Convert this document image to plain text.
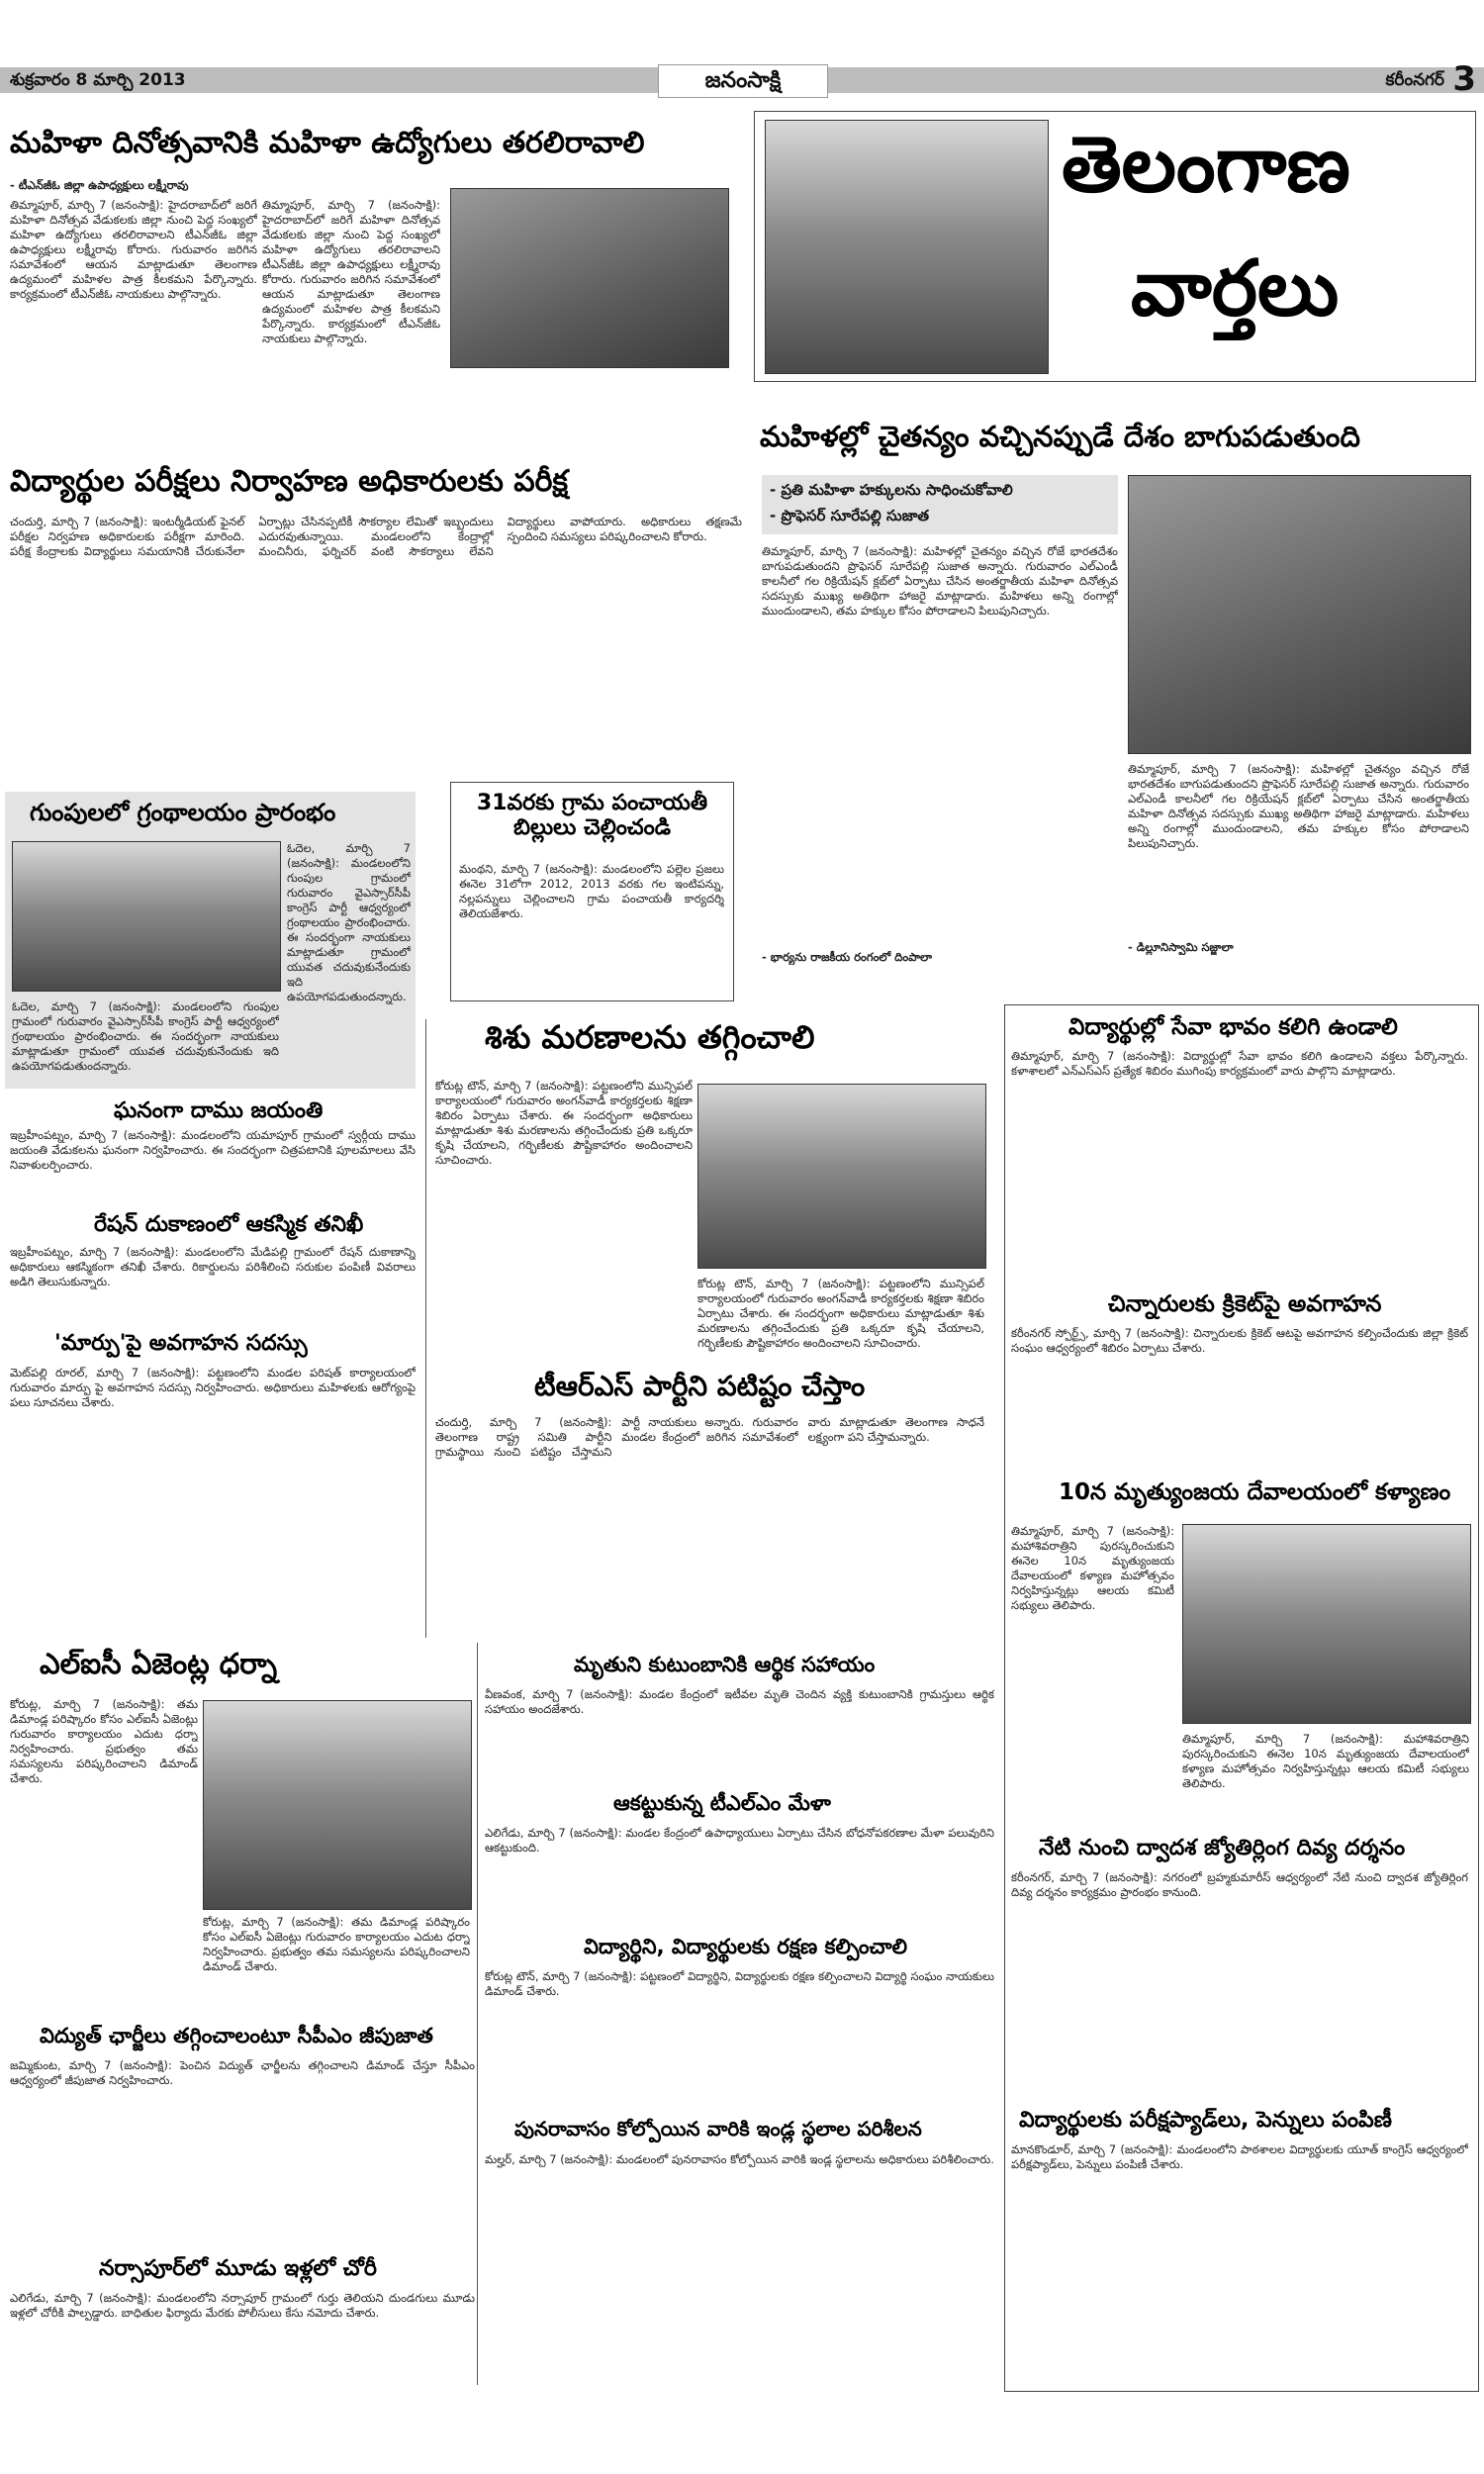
శుక్రవారం 8 మార్చి 2013	కరీంనగర్
జనంసాక్షి	3
మహిళా దినోత్సవానికి మహిళా ఉద్యోగులు తరలిరావాలి
- టీఎన్‌జీఓ జిల్లా ఉపాధ్యక్షులు లక్ష్మీరావు
తిమ్మాపూర్, మార్చి 7 (జనంసాక్షి): హైదరాబాద్‌లో జరిగే మహిళా దినోత్సవ వేడుకలకు జిల్లా నుంచి పెద్ద సంఖ్యలో మహిళా ఉద్యోగులు తరలిరావాలని టీఎన్‌జీఓ జిల్లా ఉపాధ్యక్షులు లక్ష్మీరావు కోరారు. గురువారం జరిగిన సమావేశంలో ఆయన మాట్లాడుతూ తెలంగాణ ఉద్యమంలో మహిళల పాత్ర కీలకమని పేర్కొన్నారు. కార్యక్రమంలో టీఎన్‌జీఓ నాయకులు పాల్గొన్నారు.
తిమ్మాపూర్, మార్చి 7 (జనంసాక్షి): హైదరాబాద్‌లో జరిగే మహిళా దినోత్సవ వేడుకలకు జిల్లా నుంచి పెద్ద సంఖ్యలో మహిళా ఉద్యోగులు తరలిరావాలని టీఎన్‌జీఓ జిల్లా ఉపాధ్యక్షులు లక్ష్మీరావు కోరారు. గురువారం జరిగిన సమావేశంలో ఆయన మాట్లాడుతూ తెలంగాణ ఉద్యమంలో మహిళల పాత్ర కీలకమని పేర్కొన్నారు. కార్యక్రమంలో టీఎన్‌జీఓ నాయకులు పాల్గొన్నారు.
తెలంగాణ
వార్తలు
విద్యార్థుల పరీక్షలు నిర్వాహణ అధికారులకు పరీక్ష
చందుర్తి, మార్చి 7 (జనంసాక్షి): ఇంటర్మీడియట్ ఫైనల్ పరీక్షల నిర్వహణ అధికారులకు పరీక్షగా మారింది. పరీక్ష కేంద్రాలకు విద్యార్థులు సమయానికి చేరుకునేలా ఏర్పాట్లు చేసినప్పటికీ సౌకర్యాల లేమితో ఇబ్బందులు ఎదురవుతున్నాయి. మండలంలోని కేంద్రాల్లో మంచినీరు, ఫర్నిచర్ వంటి సౌకర్యాలు లేవని విద్యార్థులు వాపోయారు. అధికారులు తక్షణమే స్పందించి సమస్యలు పరిష్కరించాలని కోరారు.
మహిళల్లో చైతన్యం వచ్చినప్పుడే దేశం బాగుపడుతుంది
- ప్రతి మహిళా హక్కులను సాధించుకోవాలి
- ప్రొఫెసర్ సూరేపల్లి సుజాత
తిమ్మాపూర్, మార్చి 7 (జనంసాక్షి): మహిళల్లో చైతన్యం వచ్చిన రోజే భారతదేశం బాగుపడుతుందని ప్రొఫెసర్ సూరేపల్లి సుజాత అన్నారు. గురువారం ఎల్‌ఎండీ కాలనీలో గల రిక్రియేషన్ క్లబ్‌లో ఏర్పాటు చేసిన అంతర్జాతీయ మహిళా దినోత్సవ సదస్సుకు ముఖ్య అతిథిగా హాజరై మాట్లాడారు. మహిళలు అన్ని రంగాల్లో ముందుండాలని, తమ హక్కుల కోసం పోరాడాలని పిలుపునిచ్చారు.
తిమ్మాపూర్, మార్చి 7 (జనంసాక్షి): మహిళల్లో చైతన్యం వచ్చిన రోజే భారతదేశం బాగుపడుతుందని ప్రొఫెసర్ సూరేపల్లి సుజాత అన్నారు. గురువారం ఎల్‌ఎండీ కాలనీలో గల రిక్రియేషన్ క్లబ్‌లో ఏర్పాటు చేసిన అంతర్జాతీయ మహిళా దినోత్సవ సదస్సుకు ముఖ్య అతిథిగా హాజరై మాట్లాడారు. మహిళలు అన్ని రంగాల్లో ముందుండాలని, తమ హక్కుల కోసం పోరాడాలని పిలుపునిచ్చారు.
- భార్యను రాజకీయ రంగంలో దింపాలా
- డిల్లూనిస్వామి సజ్జాలా
గుంపులలో గ్రంథాలయం ప్రారంభం
ఓదెల, మార్చి 7 (జనంసాక్షి): మండలంలోని గుంపుల గ్రామంలో గురువారం వైఎస్సార్‌సీపీ కాంగ్రెస్ పార్టీ ఆధ్వర్యంలో గ్రంథాలయం ప్రారంభించారు. ఈ సందర్భంగా నాయకులు మాట్లాడుతూ గ్రామంలో యువత చదువుకునేందుకు ఇది ఉపయోగపడుతుందన్నారు.
ఓదెల, మార్చి 7 (జనంసాక్షి): మండలంలోని గుంపుల గ్రామంలో గురువారం వైఎస్సార్‌సీపీ కాంగ్రెస్ పార్టీ ఆధ్వర్యంలో గ్రంథాలయం ప్రారంభించారు. ఈ సందర్భంగా నాయకులు మాట్లాడుతూ గ్రామంలో యువత చదువుకునేందుకు ఇది ఉపయోగపడుతుందన్నారు.
31వరకు గ్రామ పంచాయతీ బిల్లులు చెల్లించండి
మంథని, మార్చి 7 (జనంసాక్షి): మండలంలోని పల్లెల ప్రజలు ఈనెల 31లోగా 2012, 2013 వరకు గల ఇంటిపన్ను, నల్లపన్నులు చెల్లించాలని గ్రామ పంచాయతీ కార్యదర్శి తెలియజేశారు.
శిశు మరణాలను తగ్గించాలి
కోరుట్ల టౌన్, మార్చి 7 (జనంసాక్షి): పట్టణంలోని మున్సిపల్ కార్యాలయంలో గురువారం అంగన్‌వాడీ కార్యకర్తలకు శిక్షణా శిబిరం ఏర్పాటు చేశారు. ఈ సందర్భంగా అధికారులు మాట్లాడుతూ శిశు మరణాలను తగ్గించేందుకు ప్రతి ఒక్కరూ కృషి చేయాలని, గర్భిణీలకు పౌష్టికాహారం అందించాలని సూచించారు.
కోరుట్ల టౌన్, మార్చి 7 (జనంసాక్షి): పట్టణంలోని మున్సిపల్ కార్యాలయంలో గురువారం అంగన్‌వాడీ కార్యకర్తలకు శిక్షణా శిబిరం ఏర్పాటు చేశారు. ఈ సందర్భంగా అధికారులు మాట్లాడుతూ శిశు మరణాలను తగ్గించేందుకు ప్రతి ఒక్కరూ కృషి చేయాలని, గర్భిణీలకు పౌష్టికాహారం అందించాలని సూచించారు.
ఘనంగా దాము జయంతి
ఇబ్రహీంపట్నం, మార్చి 7 (జనంసాక్షి): మండలంలోని యమాపూర్ గ్రామంలో స్వర్గీయ దాము జయంతి వేడుకలను ఘనంగా నిర్వహించారు. ఈ సందర్భంగా చిత్రపటానికి పూలమాలలు వేసి నివాళులర్పించారు.
రేషన్ దుకాణంలో ఆకస్మిక తనిఖీ
ఇబ్రహీంపట్నం, మార్చి 7 (జనంసాక్షి): మండలంలోని మేడిపల్లి గ్రామంలో రేషన్ దుకాణాన్ని అధికారులు ఆకస్మికంగా తనిఖీ చేశారు. రికార్డులను పరిశీలించి సరుకుల పంపిణీ వివరాలు అడిగి తెలుసుకున్నారు.
'మార్పు'పై అవగాహన సదస్సు
మెట్‌పల్లి రూరల్, మార్చి 7 (జనంసాక్షి): పట్టణంలోని మండల పరిషత్ కార్యాలయంలో గురువారం మార్పు పై అవగాహన సదస్సు నిర్వహించారు. అధికారులు మహిళలకు ఆరోగ్యంపై పలు సూచనలు చేశారు.	టీఆర్ఎస్ పార్టీని పటిష్టం చేస్తాం
చందుర్తి, మార్చి 7 (జనంసాక్షి): తెలంగాణ రాష్ట్ర సమితి పార్టీని గ్రామస్థాయి నుంచి పటిష్టం చేస్తామని పార్టీ నాయకులు అన్నారు. గురువారం మండల కేంద్రంలో జరిగిన సమావేశంలో వారు మాట్లాడుతూ తెలంగాణ సాధనే లక్ష్యంగా పని చేస్తామన్నారు.
విద్యార్థుల్లో సేవా భావం కలిగి ఉండాలి
తిమ్మాపూర్, మార్చి 7 (జనంసాక్షి): విద్యార్థుల్లో సేవా భావం కలిగి ఉండాలని వక్తలు పేర్కొన్నారు. కళాశాలలో ఎన్ఎస్ఎస్ ప్రత్యేక శిబిరం ముగింపు కార్యక్రమంలో వారు పాల్గొని మాట్లాడారు.
చిన్నారులకు క్రికెట్‌పై అవగాహన
కరీంనగర్ స్పోర్ట్స్, మార్చి 7 (జనంసాక్షి): చిన్నారులకు క్రికెట్ ఆటపై అవగాహన కల్పించేందుకు జిల్లా క్రికెట్ సంఘం ఆధ్వర్యంలో శిబిరం ఏర్పాటు చేశారు.
10న మృత్యుంజయ దేవాలయంలో కళ్యాణం
తిమ్మాపూర్, మార్చి 7 (జనంసాక్షి): మహాశివరాత్రిని పురస్కరించుకుని ఈనెల 10న మృత్యుంజయ దేవాలయంలో కళ్యాణ మహోత్సవం నిర్వహిస్తున్నట్లు ఆలయ కమిటీ సభ్యులు తెలిపారు.
తిమ్మాపూర్, మార్చి 7 (జనంసాక్షి): మహాశివరాత్రిని పురస్కరించుకుని ఈనెల 10న మృత్యుంజయ దేవాలయంలో కళ్యాణ మహోత్సవం నిర్వహిస్తున్నట్లు ఆలయ కమిటీ సభ్యులు తెలిపారు.
నేటి నుంచి ద్వాదశ జ్యోతిర్లింగ దివ్య దర్శనం
కరీంనగర్, మార్చి 7 (జనంసాక్షి): నగరంలో బ్రహ్మకుమారీస్ ఆధ్వర్యంలో నేటి నుంచి ద్వాదశ జ్యోతిర్లింగ దివ్య దర్శనం కార్యక్రమం ప్రారంభం కానుంది.
విద్యార్థులకు పరీక్షప్యాడ్‌లు, పెన్నులు పంపిణీ
మానకొండూర్, మార్చి 7 (జనంసాక్షి): మండలంలోని పాఠశాలల విద్యార్థులకు యూత్ కాంగ్రెస్ ఆధ్వర్యంలో పరీక్షప్యాడ్‌లు, పెన్నులు పంపిణీ చేశారు.
ఎల్ఐసీ ఏజెంట్ల ధర్నా
కోరుట్ల, మార్చి 7 (జనంసాక్షి): తమ డిమాండ్ల పరిష్కారం కోసం ఎల్ఐసీ ఏజెంట్లు గురువారం కార్యాలయం ఎదుట ధర్నా నిర్వహించారు. ప్రభుత్వం తమ సమస్యలను పరిష్కరించాలని డిమాండ్ చేశారు.
కోరుట్ల, మార్చి 7 (జనంసాక్షి): తమ డిమాండ్ల పరిష్కారం కోసం ఎల్ఐసీ ఏజెంట్లు గురువారం కార్యాలయం ఎదుట ధర్నా నిర్వహించారు. ప్రభుత్వం తమ సమస్యలను పరిష్కరించాలని డిమాండ్ చేశారు.
మృతుని కుటుంబానికి ఆర్థిక సహాయం
వీణవంక, మార్చి 7 (జనంసాక్షి): మండల కేంద్రంలో ఇటీవల మృతి చెందిన వ్యక్తి కుటుంబానికి గ్రామస్తులు ఆర్థిక సహాయం అందజేశారు.
ఆకట్టుకున్న టీఎల్ఎం మేళా
ఎలిగేడు, మార్చి 7 (జనంసాక్షి): మండల కేంద్రంలో ఉపాధ్యాయులు ఏర్పాటు చేసిన బోధనోపకరణాల మేళా పలువురిని ఆకట్టుకుంది.
విద్యార్థిని, విద్యార్థులకు రక్షణ కల్పించాలి
కోరుట్ల టౌన్, మార్చి 7 (జనంసాక్షి): పట్టణంలో విద్యార్థిని, విద్యార్థులకు రక్షణ కల్పించాలని విద్యార్థి సంఘం నాయకులు డిమాండ్ చేశారు.
పునరావాసం కోల్పోయిన వారికి ఇండ్ల స్థలాల పరిశీలన
మల్హర్, మార్చి 7 (జనంసాక్షి): మండలంలో పునరావాసం కోల్పోయిన వారికి ఇండ్ల స్థలాలను అధికారులు పరిశీలించారు.
విద్యుత్ ఛార్జీలు తగ్గించాలంటూ సీపీఎం జీపుజాత
జమ్మికుంట, మార్చి 7 (జనంసాక్షి): పెంచిన విద్యుత్ ఛార్జీలను తగ్గించాలని డిమాండ్ చేస్తూ సీపీఎం ఆధ్వర్యంలో జీపుజాత నిర్వహించారు.
నర్సాపూర్‌లో మూడు ఇళ్లలో చోరీ
ఎలిగేడు, మార్చి 7 (జనంసాక్షి): మండలంలోని నర్సాపూర్ గ్రామంలో గుర్తు తెలియని దుండగులు మూడు ఇళ్లలో చోరీకి పాల్పడ్డారు. బాధితుల ఫిర్యాదు మేరకు పోలీసులు కేసు నమోదు చేశారు.
